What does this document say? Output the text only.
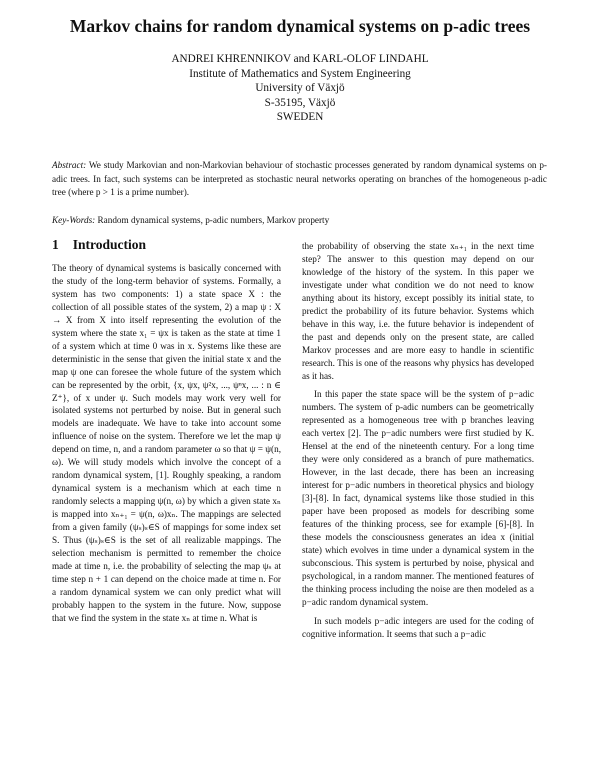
Markov chains for random dynamical systems on p-adic trees
ANDREI KHRENNIKOV and KARL-OLOF LINDAHL
Institute of Mathematics and System Engineering
University of Växjö
S-35195, Växjö
SWEDEN
Abstract: We study Markovian and non-Markovian behaviour of stochastic processes generated by random dynamical systems on p-adic trees. In fact, such systems can be interpreted as stochastic neural networks operating on branches of the homogeneous p-adic tree (where p > 1 is a prime number).
Key-Words: Random dynamical systems, p-adic numbers, Markov property
1 Introduction

The theory of dynamical systems is basically concerned with the study of the long-term behavior of systems. Formally, a system has two components: 1) a state space X : the collection of all possible states of the system, 2) a map ψ : X → X from X into itself representing the evolution of the system where the state x₁ = ψx is taken as the state at time 1 of a system which at time 0 was in x. Systems like these are deterministic in the sense that given the initial state x and the map ψ one can foresee the whole future of the system which can be represented by the orbit, {x, ψx, ψ²x, ..., ψⁿx, ... : n ∈ Z⁺}, of x under ψ. Such models may work very well for isolated systems not perturbed by noise. But in general such models are inadequate. We have to take into account some influence of noise on the system. Therefore we let the map ψ depend on time, n, and a random parameter ω so that ψ = ψ(n, ω). We will study models which involve the concept of a random dynamical system, [1]. Roughly speaking, a random dynamical system is a mechanism which at each time n randomly selects a mapping ψ(n, ω) by which a given state xₙ is mapped into xₙ₊₁ = ψ(n, ω)xₙ. The mappings are selected from a given family (ψₛ)ₛ∈S of mappings for some index set S. Thus (ψₛ)ₛ∈S is the set of all realizable mappings. The selection mechanism is permitted to remember the choice made at time n, i.e. the probability of selecting the map ψₛ at time step n + 1 can depend on the choice made at time n. For a random dynamical system we can only predict what will probably happen to the system in the future. Now, suppose that we find the system in the state xₙ at time n. What is

the probability of observing the state xₙ₊₁ in the next time step? The answer to this question may depend on our knowledge of the history of the system. In this paper we investigate under what condition we do not need to know anything about its history, except possibly its initial state, to predict the probability of its future behavior. Systems which behave in this way, i.e. the future behavior is independent of the past and depends only on the present state, are called Markov processes and are more easy to handle in scientific research. This is one of the reasons why physics has developed as it has.

In this paper the state space will be the system of p−adic numbers. The system of p-adic numbers can be geometrically represented as a homogeneous tree with p branches leaving each vertex [2]. The p−adic numbers were first studied by K. Hensel at the end of the nineteenth century. For a long time they were only considered as a branch of pure mathematics. However, in the last decade, there has been an increasing interest for p−adic numbers in theoretical physics and biology [3]-[8]. In fact, dynamical systems like those studied in this paper have been proposed as models for describing some features of the thinking process, see for example [6]-[8]. In these models the consciousness generates an idea x (initial state) which evolves in time under a dynamical system in the subconscious. This system is perturbed by noise, physical and psychological, in a random manner. The mentioned features of the thinking process including the noise are then modeled as a p−adic random dynamical system.

In such models p−adic integers are used for the coding of cognitive information. It seems that such a p−adic
